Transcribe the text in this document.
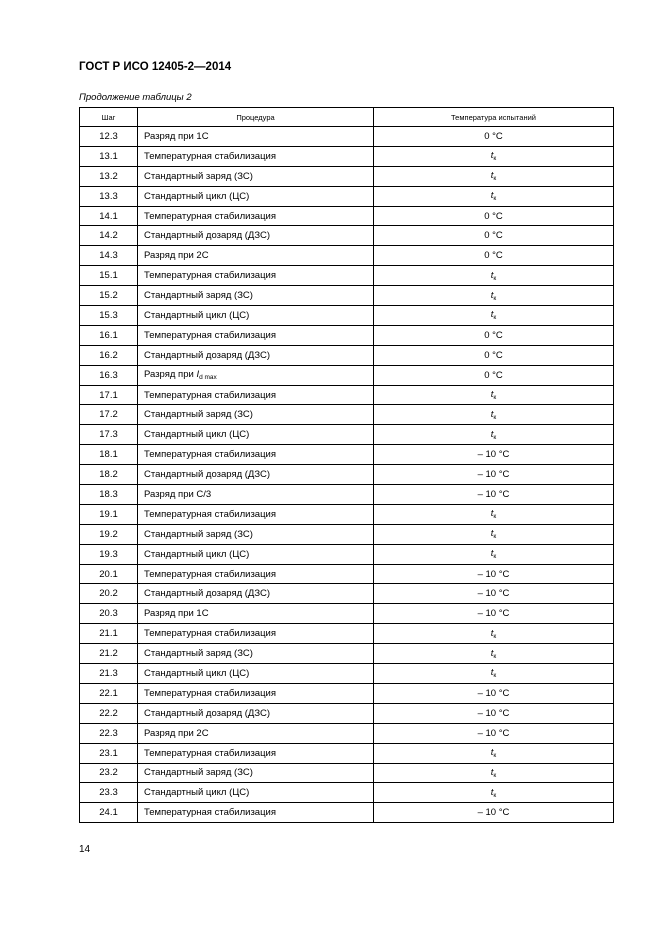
ГОСТ Р ИСО 12405-2—2014

Продолжение таблицы 2

Шаг	Процедура	Температура испытаний
12.3	Разряд при 1С	0 °C
13.1	Температурная стабилизация	$t_к$
13.2	Стандартный заряд (ЗС)	$t_к$
13.3	Стандартный цикл (ЦС)	$t_к$
14.1	Температурная стабилизация	0 °C
14.2	Стандартный дозаряд (ДЗС)	0 °C
14.3	Разряд при 2С	0 °C
15.1	Температурная стабилизация	$t_к$
15.2	Стандартный заряд (ЗС)	$t_к$
15.3	Стандартный цикл (ЦС)	$t_к$
16.1	Температурная стабилизация	0 °C
16.2	Стандартный дозаряд (ДЗС)	0 °C
16.3	Разряд при $I_{d max}$	0 °C
17.1	Температурная стабилизация	$t_к$
17.2	Стандартный заряд (ЗС)	$t_к$
17.3	Стандартный цикл (ЦС)	$t_к$
18.1	Температурная стабилизация	– 10 °C
18.2	Стандартный дозаряд (ДЗС)	– 10 °C
18.3	Разряд при С/3	– 10 °C
19.1	Температурная стабилизация	$t_к$
19.2	Стандартный заряд (ЗС)	$t_к$
19.3	Стандартный цикл (ЦС)	$t_к$
20.1	Температурная стабилизация	– 10 °C
20.2	Стандартный дозаряд (ДЗС)	– 10 °C
20.3	Разряд при 1С	– 10 °C
21.1	Температурная стабилизация	$t_к$
21.2	Стандартный заряд (ЗС)	$t_к$
21.3	Стандартный цикл (ЦС)	$t_к$
22.1	Температурная стабилизация	– 10 °C
22.2	Стандартный дозаряд (ДЗС)	– 10 °C
22.3	Разряд при 2С	– 10 °C
23.1	Температурная стабилизация	$t_к$
23.2	Стандартный заряд (ЗС)	$t_к$
23.3	Стандартный цикл (ЦС)	$t_к$
24.1	Температурная стабилизация	– 10 °C

14
